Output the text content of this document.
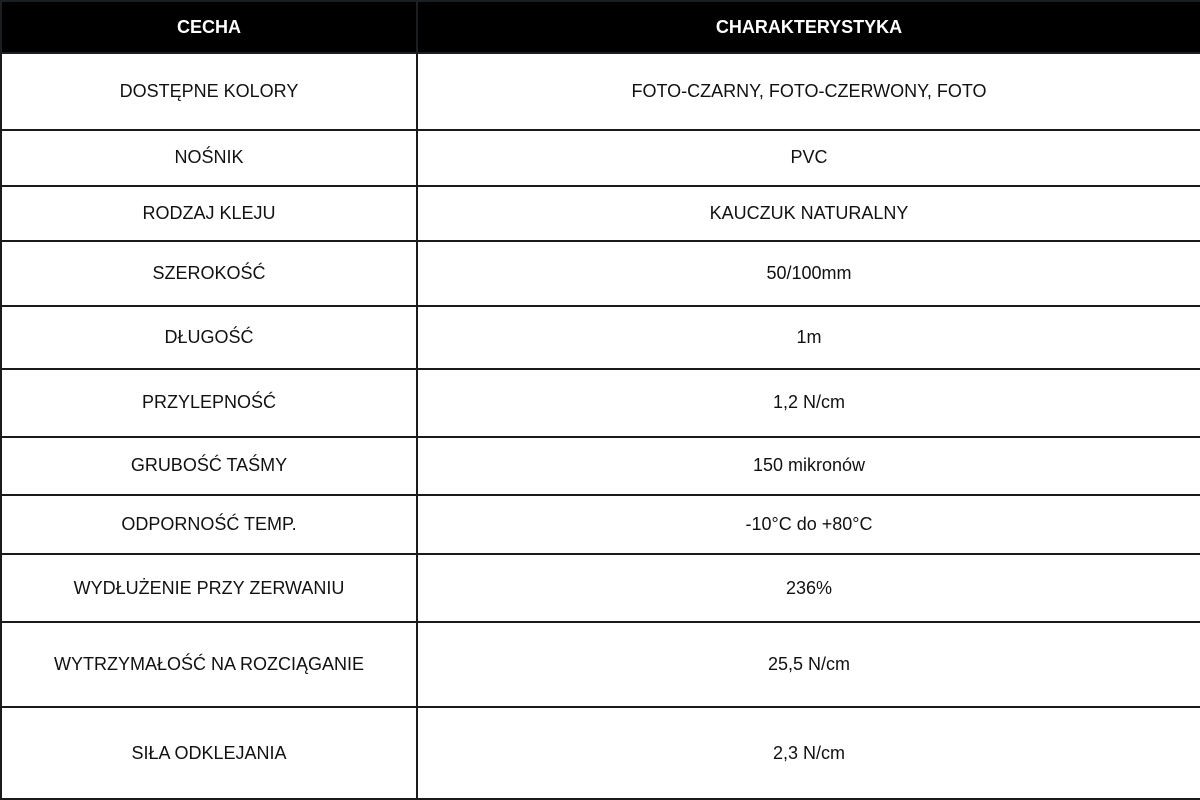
CECHA	CHARAKTERYSTYKA
DOSTĘPNE KOLORY	FOTO-CZARNY, FOTO-CZERWONY, FOTO
NOŚNIK	PVC
RODZAJ KLEJU	KAUCZUK NATURALNY
SZEROKOŚĆ	50/100mm
DŁUGOŚĆ	1m
PRZYLEPNOŚĆ	1,2 N/cm
GRUBOŚĆ TAŚMY	150 mikronów
ODPORNOŚĆ TEMP.	-10°C do +80°C
WYDŁUŻENIE PRZY ZERWANIU	236%
WYTRZYMAŁOŚĆ NA ROZCIĄGANIE	25,5 N/cm
SIŁA ODKLEJANIA	2,3 N/cm
